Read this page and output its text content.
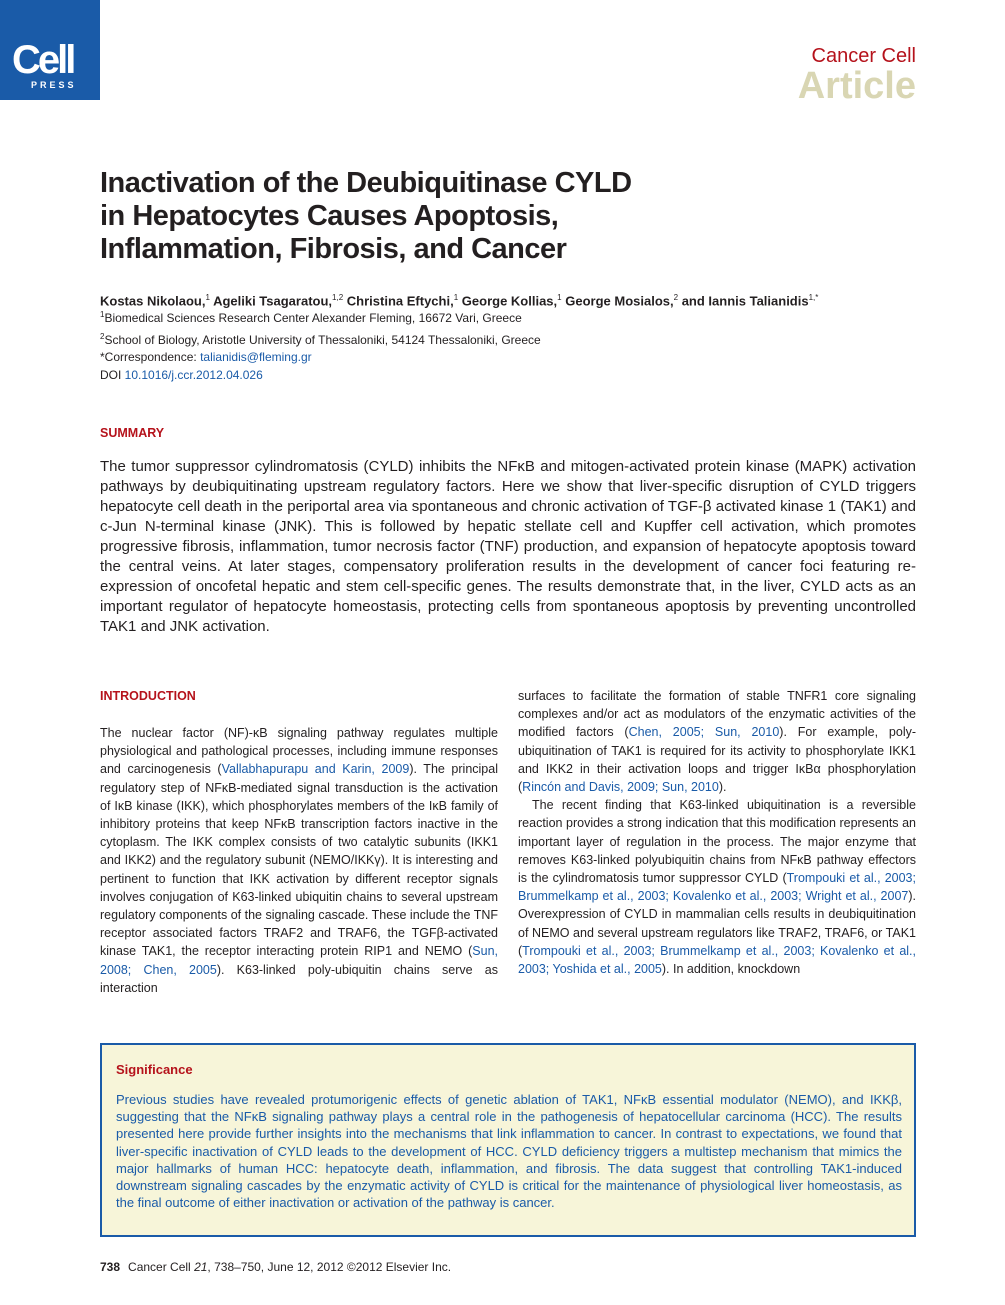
Cell
PRESS
Cancer Cell
Article
Inactivation of the Deubiquitinase CYLD
in Hepatocytes Causes Apoptosis,
Inflammation, Fibrosis, and Cancer
Kostas Nikolaou,$^1$ Ageliki Tsagaratou,$^{1,2}$ Christina Eftychi,$^1$ George Kollias,$^1$ George Mosialos,$^2$ and Iannis Talianidis$^{1,*}$
$^1$Biomedical Sciences Research Center Alexander Fleming, 16672 Vari, Greece
$^2$School of Biology, Aristotle University of Thessaloniki, 54124 Thessaloniki, Greece
*Correspondence: talianidis@fleming.gr
DOI 10.1016/j.ccr.2012.04.026
SUMMARY

The tumor suppressor cylindromatosis (CYLD) inhibits the NFκB and mitogen-activated protein kinase (MAPK) activation pathways by deubiquitinating upstream regulatory factors. Here we show that liver-specific disruption of CYLD triggers hepatocyte cell death in the periportal area via spontaneous and chronic activation of TGF-β activated kinase 1 (TAK1) and c-Jun N-terminal kinase (JNK). This is followed by hepatic stellate cell and Kupffer cell activation, which promotes progressive fibrosis, inflammation, tumor necrosis factor (TNF) production, and expansion of hepatocyte apoptosis toward the central veins. At later stages, compensatory proliferation results in the development of cancer foci featuring re-expression of oncofetal hepatic and stem cell-specific genes. The results demonstrate that, in the liver, CYLD acts as an important regulator of hepatocyte homeostasis, protecting cells from spontaneous apoptosis by preventing uncontrolled TAK1 and JNK activation.

INTRODUCTION

The nuclear factor (NF)-κB signaling pathway regulates multiple physiological and pathological processes, including immune responses and carcinogenesis (Vallabhapurapu and Karin, 2009). The principal regulatory step of NFκB-mediated signal transduction is the activation of IκB kinase (IKK), which phosphorylates members of the IκB family of inhibitory proteins that keep NFκB transcription factors inactive in the cytoplasm. The IKK complex consists of two catalytic subunits (IKK1 and IKK2) and the regulatory subunit (NEMO/IKKγ). It is interesting and pertinent to function that IKK activation by different receptor signals involves conjugation of K63-linked ubiquitin chains to several upstream regulatory components of the signaling cascade. These include the TNF receptor associated factors TRAF2 and TRAF6, the TGFβ-activated kinase TAK1, the receptor interacting protein RIP1 and NEMO (Sun, 2008; Chen, 2005). K63-linked poly-ubiquitin chains serve as interaction

surfaces to facilitate the formation of stable TNFR1 core signaling complexes and/or act as modulators of the enzymatic activities of the modified factors (Chen, 2005; Sun, 2010). For example, poly-ubiquitination of TAK1 is required for its activity to phosphorylate IKK1 and IKK2 in their activation loops and trigger IκBα phosphorylation (Rincón and Davis, 2009; Sun, 2010).

The recent finding that K63-linked ubiquitination is a reversible reaction provides a strong indication that this modification represents an important layer of regulation in the process. The major enzyme that removes K63-linked polyubiquitin chains from NFκB pathway effectors is the cylindromatosis tumor suppressor CYLD (Trompouki et al., 2003; Brummelkamp et al., 2003; Kovalenko et al., 2003; Wright et al., 2007). Overexpression of CYLD in mammalian cells results in deubiquitination of NEMO and several upstream regulators like TRAF2, TRAF6, or TAK1 (Trompouki et al., 2003; Brummelkamp et al., 2003; Kovalenko et al., 2003; Yoshida et al., 2005). In addition, knockdown

Significance

Previous studies have revealed protumorigenic effects of genetic ablation of TAK1, NFκB essential modulator (NEMO), and IKKβ, suggesting that the NFκB signaling pathway plays a central role in the pathogenesis of hepatocellular carcinoma (HCC). The results presented here provide further insights into the mechanisms that link inflammation to cancer. In contrast to expectations, we found that liver-specific inactivation of CYLD leads to the development of HCC. CYLD deficiency triggers a multistep mechanism that mimics the major hallmarks of human HCC: hepatocyte death, inflammation, and fibrosis. The data suggest that controlling TAK1-induced downstream signaling cascades by the enzymatic activity of CYLD is critical for the maintenance of physiological liver homeostasis, as the final outcome of either inactivation or activation of the pathway is cancer.

738 Cancer Cell 21, 738–750, June 12, 2012 ©2012 Elsevier Inc.
